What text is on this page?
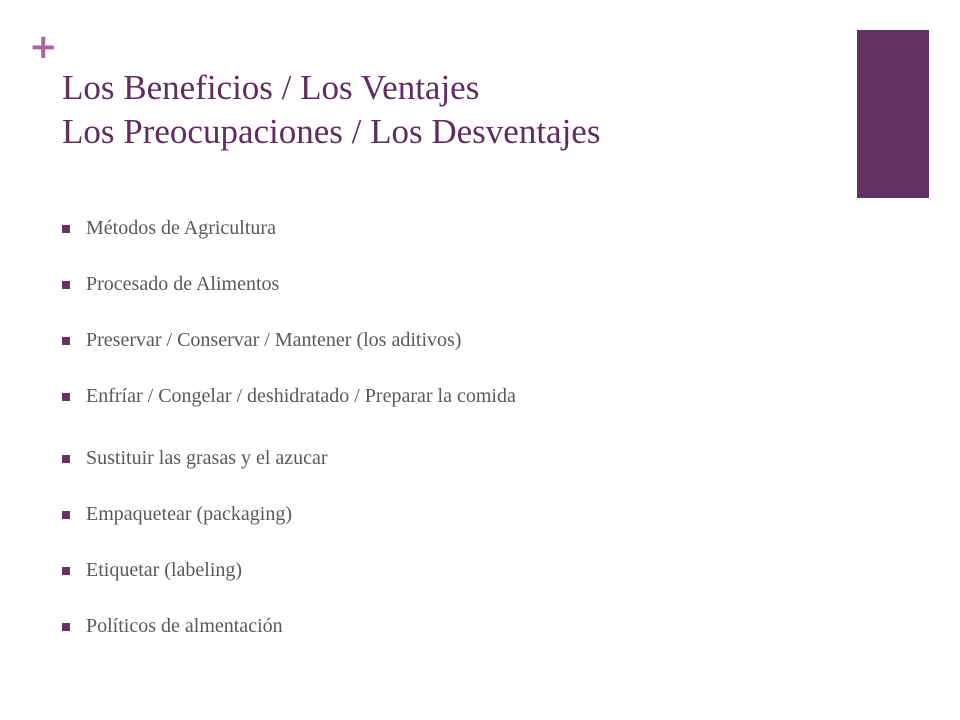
+
Los Beneficios / Los Ventajes
Los Preocupaciones / Los Desventajes
Métodos de Agricultura
Procesado de Alimentos
Preservar / Conservar / Mantener (los aditivos)
Enfríar / Congelar / deshidratado / Preparar la comida
Sustituir las grasas y el azucar
Empaquetear (packaging)
Etiquetar (labeling)
Políticos de almentación
